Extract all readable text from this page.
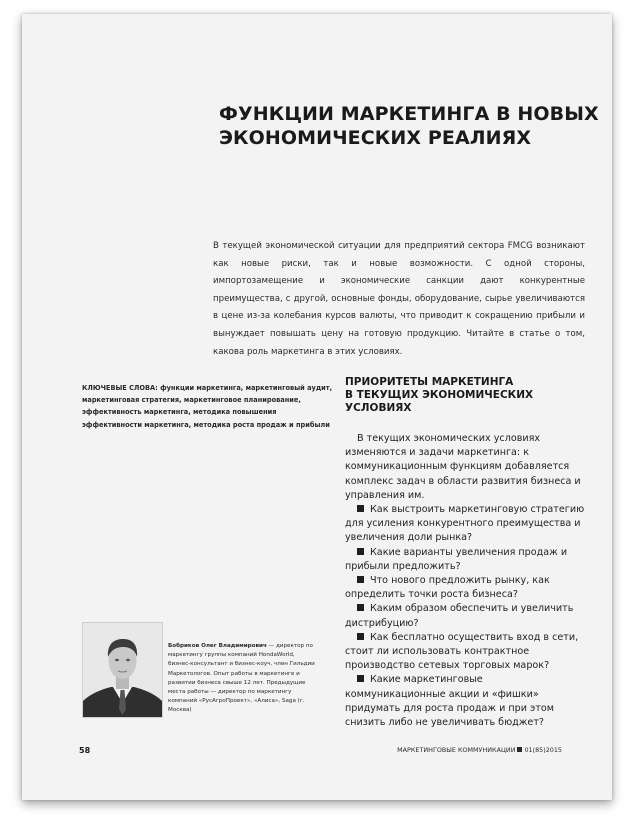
ФУНКЦИИ МАРКЕТИНГА В НОВЫХ
ЭКОНОМИЧЕСКИХ РЕАЛИЯХ
В текущей экономической ситуации для предприятий сектора FMCG возникают как новые риски, так и новые возможности. С одной стороны, импортозамещение и экономические санкции дают конкурентные преимущества, с другой, основные фонды, оборудование, сырье увеличиваются в цене из-за колебания курсов валюты, что приводит к сокращению прибыли и вынуждает повышать цену на готовую продукцию. Читайте в статье о том, какова роль маркетинга в этих условиях.
КЛЮЧЕВЫЕ СЛОВА: функции маркетинга, маркетинговый аудит, маркетинговая стратегия, маркетинговое планирование, эффективность маркетинга, методика повышения эффективности маркетинга, методика роста продаж и прибыли
ПРИОРИТЕТЫ МАРКЕТИНГА
В ТЕКУЩИХ ЭКОНОМИЧЕСКИХ
УСЛОВИЯХ

В текущих экономических условиях изменяются и задачи маркетинга: к коммуникационным функциям добавляется комплекс задач в области развития бизнеса и управления им.

Как выстроить маркетинговую стратегию для усиления конкурентного преимущества и увеличения доли рынка?

Какие варианты увеличения продаж и прибыли предложить?

Что нового предложить рынку, как определить точки роста бизнеса?

Каким образом обеспечить и увеличить дистрибуцию?

Как бесплатно осуществить вход в сети, стоит ли использовать контрактное производство сетевых торговых марок?

Какие маркетинговые коммуникационные акции и «фишки» придумать для роста продаж и при этом снизить либо не увеличивать бюджет?

Бобриков Олег Владимирович — директор по маркетингу группы компаний HondaWorld, бизнес-консультант и бизнес-коуч, член Гильдии Маркетологов. Опыт работы в маркетинге и развитии бизнеса свыше 12 лет. Предыдущие места работы — директор по маркетингу компаний «РусАгроПроект», «Алиса», Saga (г. Москва)
58	МАРКЕТИНГОВЫЕ КОММУНИКАЦИИ 01(85)2015
